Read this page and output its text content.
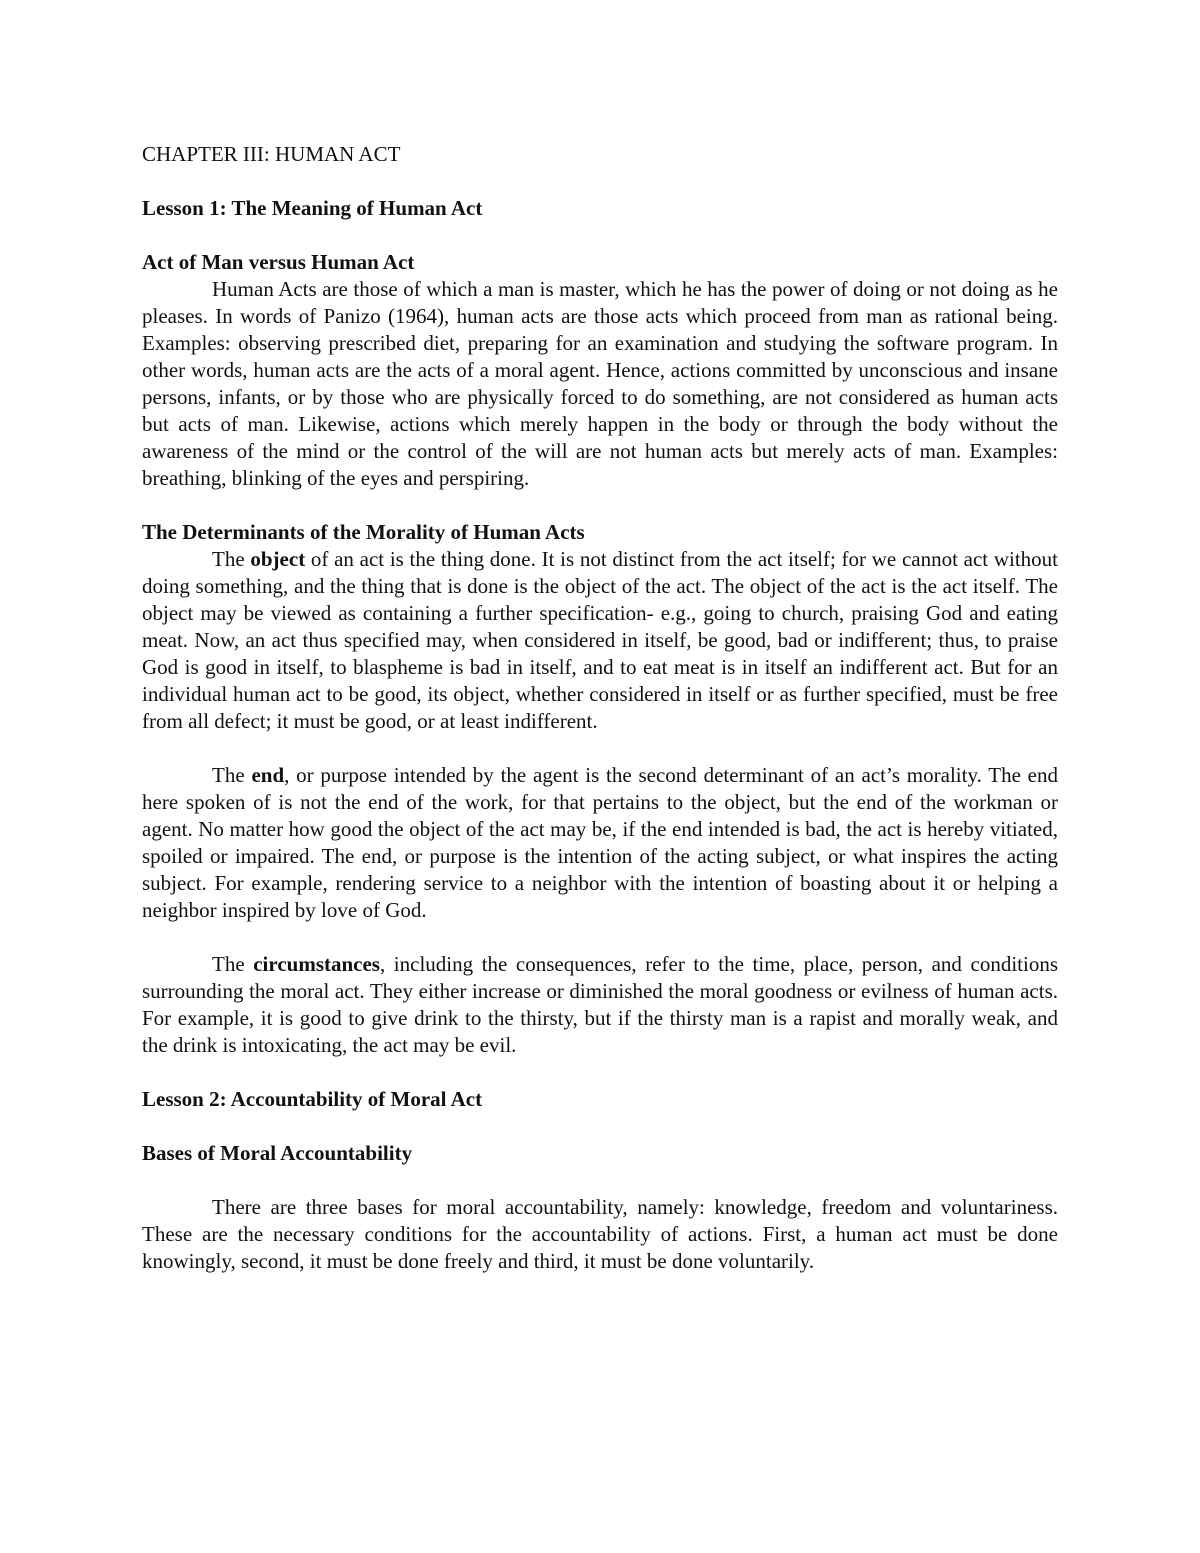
CHAPTER III: HUMAN ACT
Lesson 1: The Meaning of Human Act
Act of Man versus Human Act

Human Acts are those of which a man is master, which he has the power of doing or not doing as he pleases. In words of Panizo (1964), human acts are those acts which proceed from man as rational being. Examples: observing prescribed diet, preparing for an examination and studying the software program. In other words, human acts are the acts of a moral agent. Hence, actions committed by unconscious and insane persons, infants, or by those who are physically forced to do something, are not considered as human acts but acts of man. Likewise, actions which merely happen in the body or through the body without the awareness of the mind or the control of the will are not human acts but merely acts of man. Examples: breathing, blinking of the eyes and perspiring.

The Determinants of the Morality of Human Acts

The object of an act is the thing done. It is not distinct from the act itself; for we cannot act without doing something, and the thing that is done is the object of the act. The object of the act is the act itself. The object may be viewed as containing a further specification- e.g., going to church, praising God and eating meat. Now, an act thus specified may, when considered in itself, be good, bad or indifferent; thus, to praise God is good in itself, to blaspheme is bad in itself, and to eat meat is in itself an indifferent act. But for an individual human act to be good, its object, whether considered in itself or as further specified, must be free from all defect; it must be good, or at least indifferent.

The end, or purpose intended by the agent is the second determinant of an act’s morality. The end here spoken of is not the end of the work, for that pertains to the object, but the end of the workman or agent. No matter how good the object of the act may be, if the end intended is bad, the act is hereby vitiated, spoiled or impaired. The end, or purpose is the intention of the acting subject, or what inspires the acting subject. For example, rendering service to a neighbor with the intention of boasting about it or helping a neighbor inspired by love of God.

The circumstances, including the consequences, refer to the time, place, person, and conditions surrounding the moral act. They either increase or diminished the moral goodness or evilness of human acts. For example, it is good to give drink to the thirsty, but if the thirsty man is a rapist and morally weak, and the drink is intoxicating, the act may be evil.

Lesson 2: Accountability of Moral Act
Bases of Moral Accountability

There are three bases for moral accountability, namely: knowledge, freedom and voluntariness. These are the necessary conditions for the accountability of actions. First, a human act must be done knowingly, second, it must be done freely and third, it must be done voluntarily.
